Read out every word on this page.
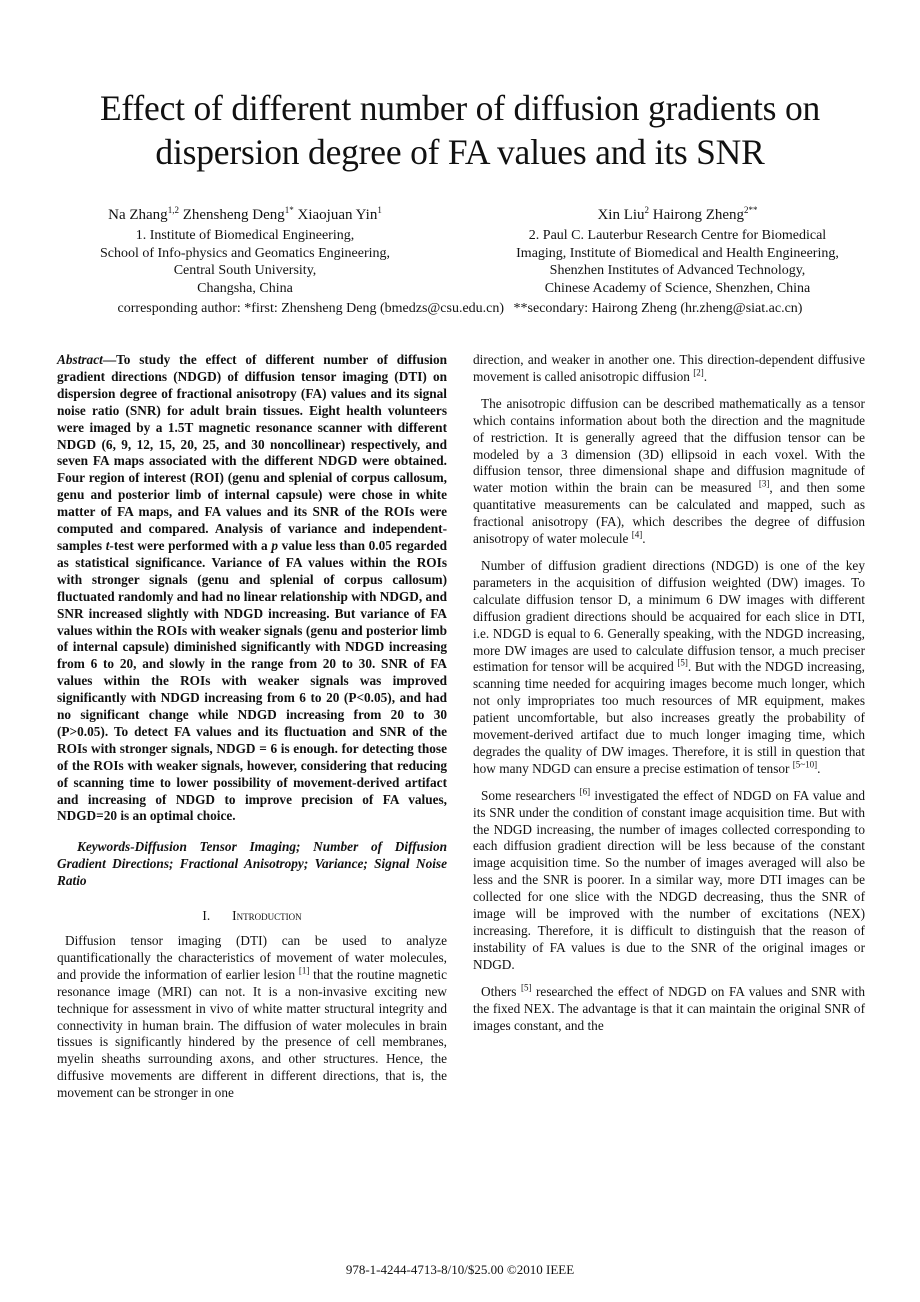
Effect of different number of diffusion gradients on
dispersion degree of FA values and its SNR
Na Zhang$^{1,2}$ Zhensheng Deng$^{1*}$ Xiaojuan Yin$^1$
1. Institute of Biomedical Engineering,
School of Info-physics and Geomatics Engineering,
Central South University,
Changsha, China
Xin Liu$^2$ Hairong Zheng$^{2**}$
2. Paul C. Lauterbur Research Centre for Biomedical
Imaging, Institute of Biomedical and Health Engineering,
Shenzhen Institutes of Advanced Technology,
Chinese Academy of Science, Shenzhen, China
corresponding author: *first: Zhensheng Deng (bmedzs@csu.edu.cn) **secondary: Hairong Zheng (hr.zheng@siat.ac.cn)

Abstract—To study the effect of different number of diffusion gradient directions (NDGD) of diffusion tensor imaging (DTI) on dispersion degree of fractional anisotropy (FA) values and its signal noise ratio (SNR) for adult brain tissues. Eight health volunteers were imaged by a 1.5T magnetic resonance scanner with different NDGD (6, 9, 12, 15, 20, 25, and 30 noncollinear) respectively, and seven FA maps associated with the different NDGD were obtained. Four region of interest (ROI) (genu and splenial of corpus callosum, genu and posterior limb of internal capsule) were chose in white matter of FA maps, and FA values and its SNR of the ROIs were computed and compared. Analysis of variance and independent-samples t-test were performed with a p value less than 0.05 regarded as statistical significance. Variance of FA values within the ROIs with stronger signals (genu and splenial of corpus callosum) fluctuated randomly and had no linear relationship with NDGD, and SNR increased slightly with NDGD increasing. But variance of FA values within the ROIs with weaker signals (genu and posterior limb of internal capsule) diminished significantly with NDGD increasing from 6 to 20, and slowly in the range from 20 to 30. SNR of FA values within the ROIs with weaker signals was improved significantly with NDGD increasing from 6 to 20 (P<0.05), and had no significant change while NDGD increasing from 20 to 30 (P>0.05). To detect FA values and its fluctuation and SNR of the ROIs with stronger signals, NDGD = 6 is enough. for detecting those of the ROIs with weaker signals, however, considering that reducing of scanning time to lower possibility of movement-derived artifact and increasing of NDGD to improve precision of FA values, NDGD=20 is an optimal choice.

Keywords-Diffusion Tensor Imaging; Number of Diffusion Gradient Directions; Fractional Anisotropy; Variance; Signal Noise Ratio

I. Introduction

Diffusion tensor imaging (DTI) can be used to analyze quantificationally the characteristics of movement of water molecules, and provide the information of earlier lesion [1] that the routine magnetic resonance image (MRI) can not. It is a non-invasive exciting new technique for assessment in vivo of white matter structural integrity and connectivity in human brain. The diffusion of water molecules in brain tissues is significantly hindered by the presence of cell membranes, myelin sheaths surrounding axons, and other structures. Hence, the diffusive movements are different in different directions, that is, the movement can be stronger in one

direction, and weaker in another one. This direction-dependent diffusive movement is called anisotropic diffusion [2].

The anisotropic diffusion can be described mathematically as a tensor which contains information about both the direction and the magnitude of restriction. It is generally agreed that the diffusion tensor can be modeled by a 3 dimension (3D) ellipsoid in each voxel. With the diffusion tensor, three dimensional shape and diffusion magnitude of water motion within the brain can be measured [3], and then some quantitative measurements can be calculated and mapped, such as fractional anisotropy (FA), which describes the degree of diffusion anisotropy of water molecule [4].

Number of diffusion gradient directions (NDGD) is one of the key parameters in the acquisition of diffusion weighted (DW) images. To calculate diffusion tensor D, a minimum 6 DW images with different diffusion gradient directions should be acquaired for each slice in DTI, i.e. NDGD is equal to 6. Generally speaking, with the NDGD increasing, more DW images are used to calculate diffusion tensor, a much preciser estimation for tensor will be acquired [5]. But with the NDGD increasing, scanning time needed for acquiring images become much longer, which not only impropriates too much resources of MR equipment, makes patient uncomfortable, but also increases greatly the probability of movement-derived artifact due to much longer imaging time, which degrades the quality of DW images. Therefore, it is still in question that how many NDGD can ensure a precise estimation of tensor [5~10].

Some researchers [6] investigated the effect of NDGD on FA value and its SNR under the condition of constant image acquisition time. But with the NDGD increasing, the number of images collected corresponding to each diffusion gradient direction will be less because of the constant image acquisition time. So the number of images averaged will also be less and the SNR is poorer. In a similar way, more DTI images can be collected for one slice with the NDGD decreasing, thus the SNR of image will be improved with the number of excitations (NEX) increasing. Therefore, it is difficult to distinguish that the reason of instability of FA values is due to the SNR of the original images or NDGD.

Others [5] researched the effect of NDGD on FA values and SNR with the fixed NEX. The advantage is that it can maintain the original SNR of images constant, and the

978-1-4244-4713-8/10/$25.00 ©2010 IEEE
